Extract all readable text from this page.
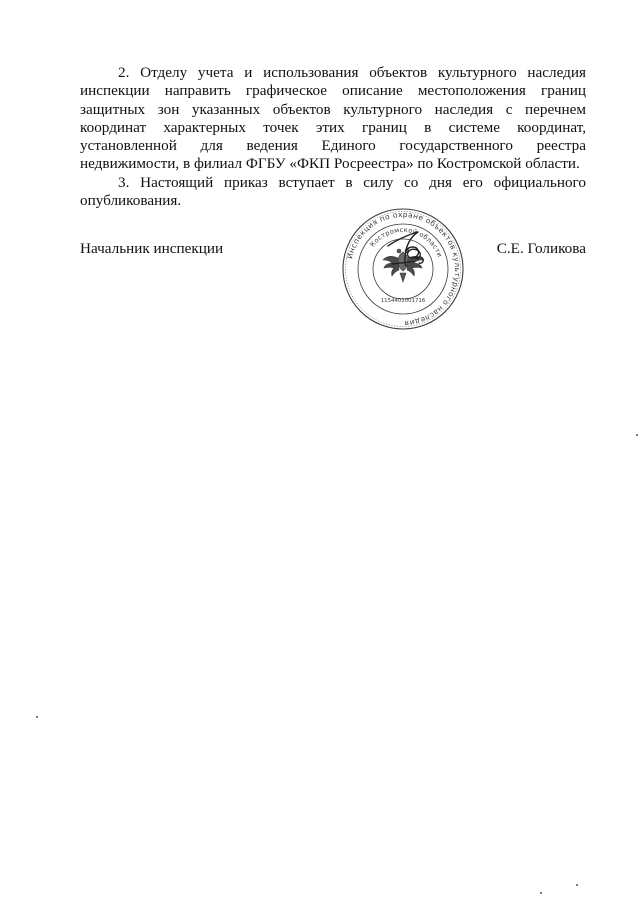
2. Отделу учета и использования объектов культурного наследия инспекции направить графическое описание местоположения границ защитных зон указанных объектов культурного наследия с перечнем координат характерных точек этих границ в системе координат, установленной для ведения Единого государственного реестра недвижимости, в филиал ФГБУ «ФКП Росреестра» по Костромской области.

3. Настоящий приказ вступает в силу со дня его официального опубликования.

Начальник инспекции	С.Е. Голикова
Инспекция по охране объектов культурного наследия
Костромской области
1154401001716
